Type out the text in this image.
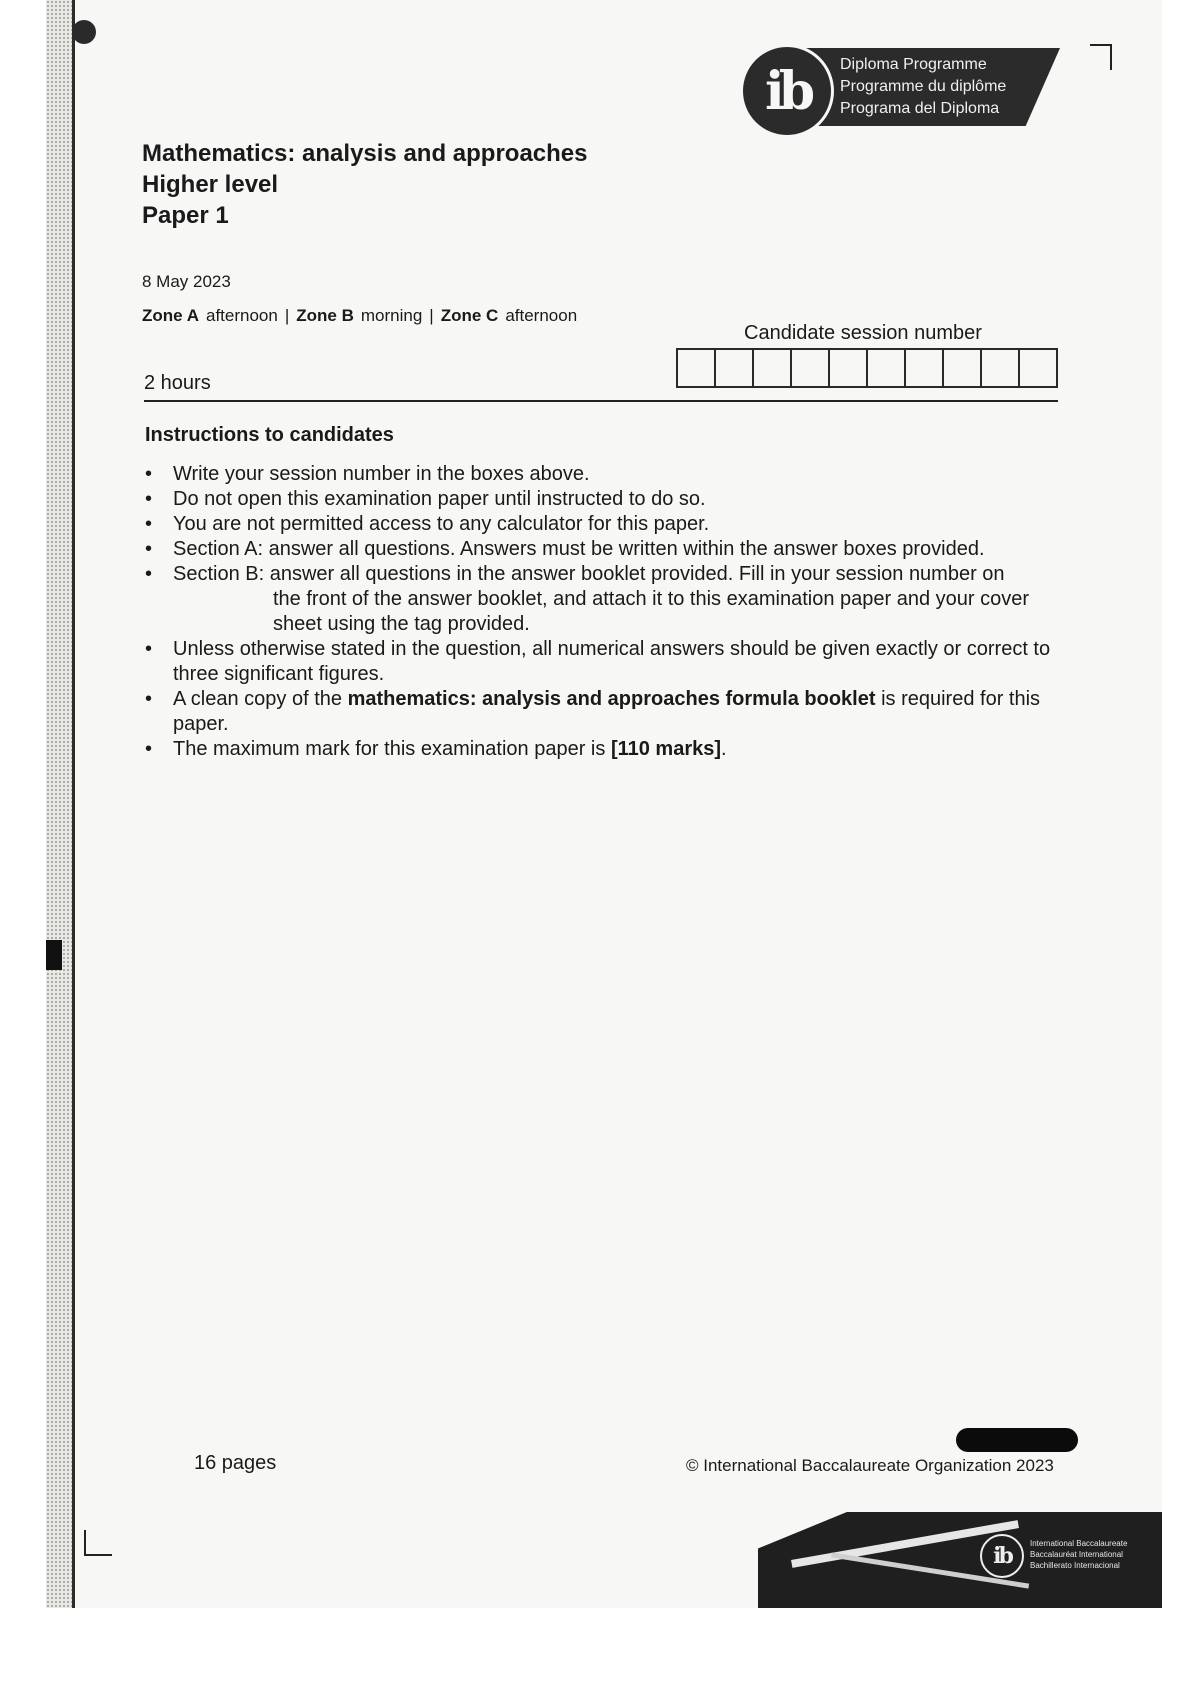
Diploma Programme
Programme du diplôme
Programa del Diploma
ib
Mathematics: analysis and approaches
Higher level
Paper 1
8 May 2023
Zone A afternoon | Zone B morning | Zone C afternoon
2 hours
Candidate session number
Instructions to candidates
• Write your session number in the boxes above.
• Do not open this examination paper until instructed to do so.
• You are not permitted access to any calculator for this paper.
• Section A: answer all questions. Answers must be written within the answer boxes provided.
• Section B: answer all questions in the answer booklet provided. Fill in your session number on
the front of the answer booklet, and attach it to this examination paper and your cover
sheet using the tag provided.
• Unless otherwise stated in the question, all numerical answers should be given exactly or correct to three significant figures.
• A clean copy of the mathematics: analysis and approaches formula booklet is required for this paper.
• The maximum mark for this examination paper is [110 marks].
16 pages	© International Baccalaureate Organization 2023
ib	International Baccalaureate
Baccalauréat International
Bachillerato Internacional
